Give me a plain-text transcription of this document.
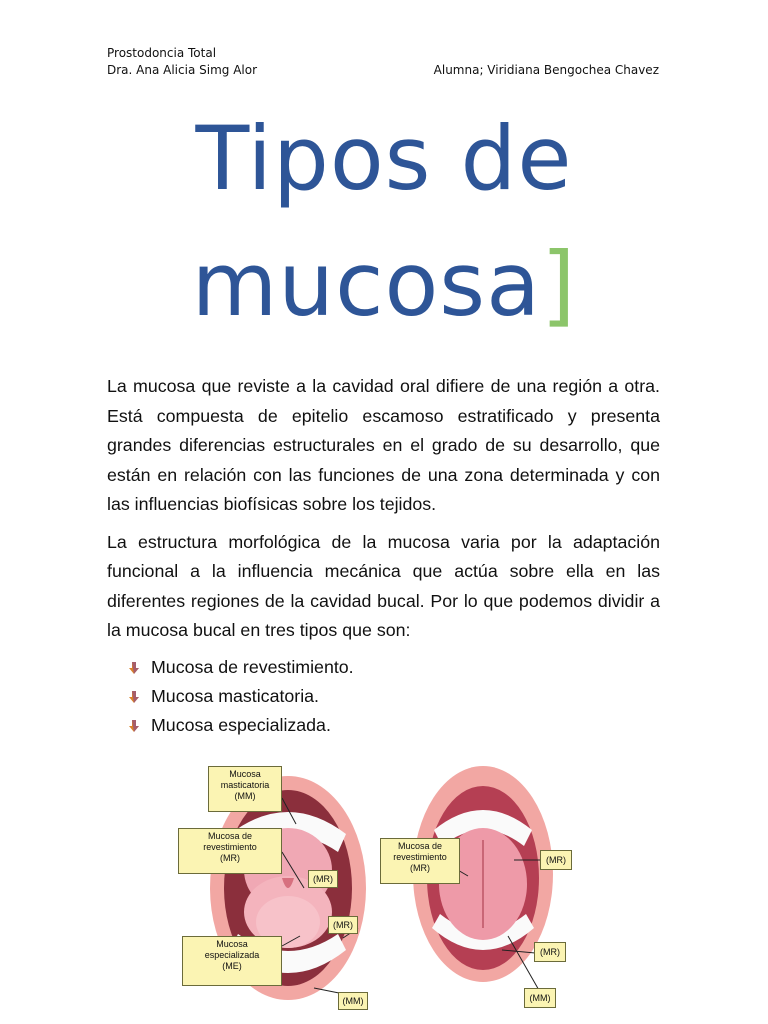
Prostodoncia Total
Dra. Ana Alicia Simg Alor	Alumna; Viridiana Bengochea Chavez
Tipos de
mucosa]

La mucosa que reviste a la cavidad oral difiere de una región a otra. Está compuesta de epitelio escamoso estratificado y presenta grandes diferencias estructurales en el grado de su desarrollo, que están en relación con las funciones de una zona determinada y con las influencias biofísicas sobre los tejidos.

La estructura morfológica de la mucosa varia por la adaptación funcional a la influencia mecánica que actúa sobre ella en las diferentes regiones de la cavidad bucal. Por lo que podemos dividir a la mucosa bucal en tres tipos que son:

Mucosa de revestimiento.
Mucosa masticatoria.
Mucosa especializada.
Mucosa
masticatoria
(MM)
Mucosa de
revestimiento
(MR)
Mucosa
especializada
(ME)
(MR)
(MR)
(MM)
Mucosa de
revestimiento
(MR)
(MR)
(MR)
(MM)
